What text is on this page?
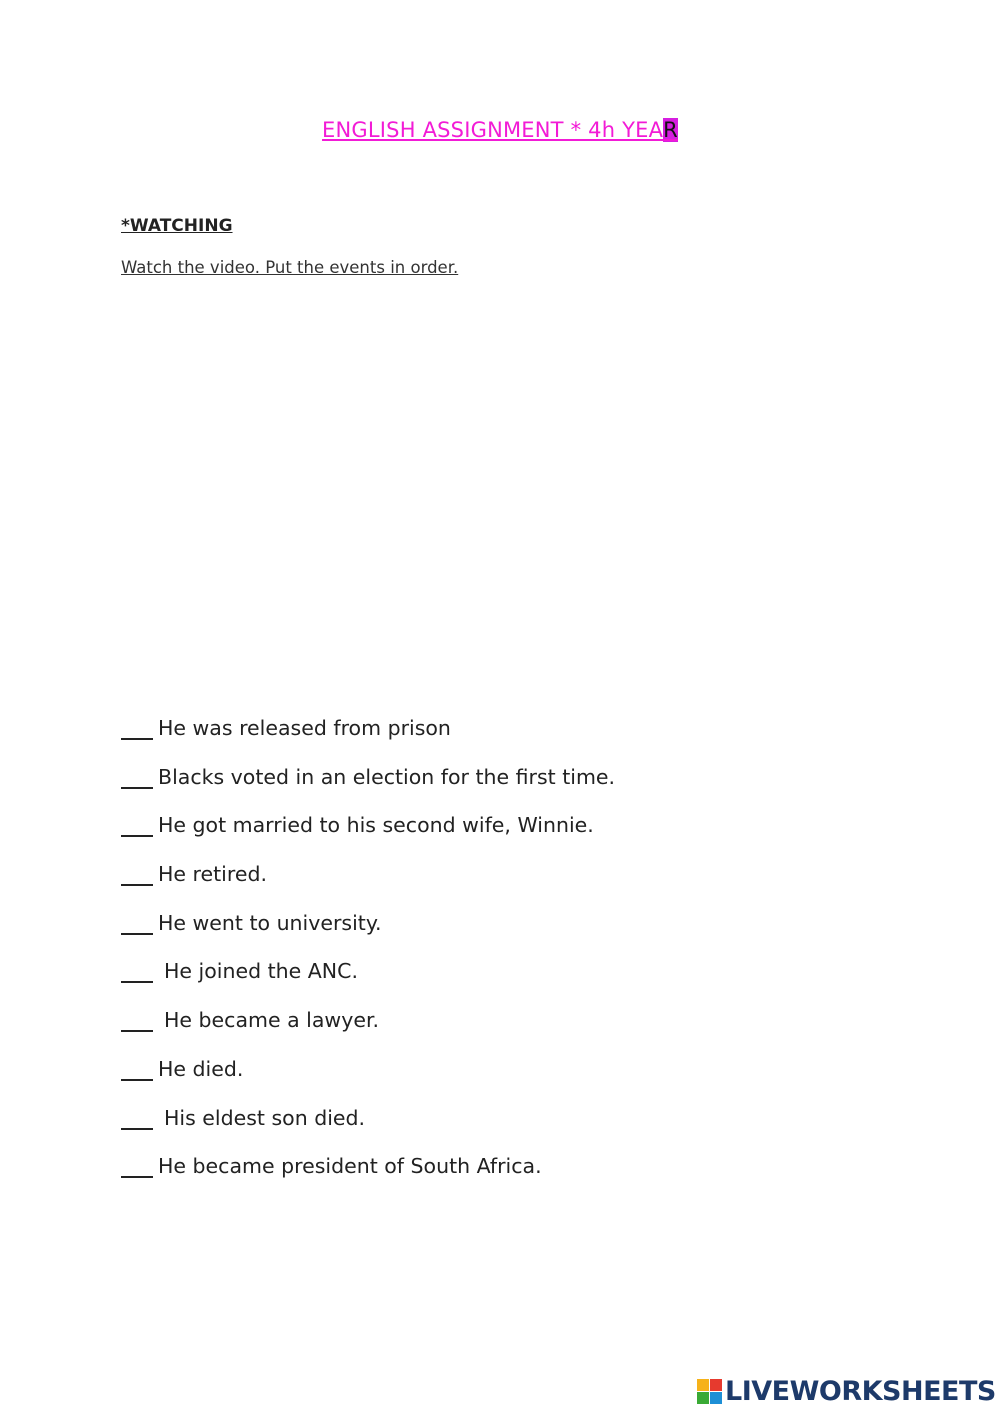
ENGLISH ASSIGNMENT * 4h YEAR
*WATCHING
Watch the video. Put the events in order.
He was released from prison
Blacks voted in an election for the first time.
He got married to his second wife, Winnie.
He retired.
He went to university.
He joined the ANC.
He became a lawyer.
He died.
His eldest son died.
He became president of South Africa.
LIVEWORKSHEETS
